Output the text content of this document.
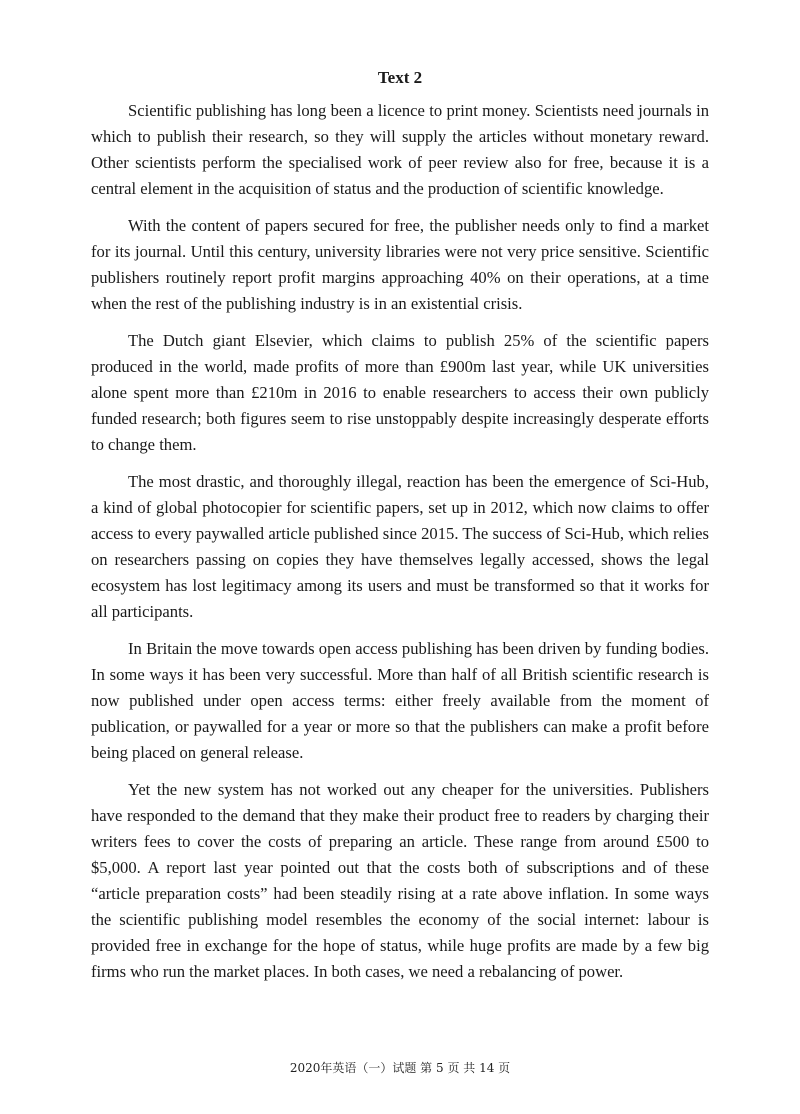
Text 2

Scientific publishing has long been a licence to print money. Scientists need journals in which to publish their research, so they will supply the articles without monetary reward. Other scientists perform the specialised work of peer review also for free, because it is a central element in the acquisition of status and the production of scientific knowledge.

With the content of papers secured for free, the publisher needs only to find a market for its journal. Until this century, university libraries were not very price sensitive. Scientific publishers routinely report profit margins approaching 40% on their operations, at a time when the rest of the publishing industry is in an existential crisis.

The Dutch giant Elsevier, which claims to publish 25% of the scientific papers produced in the world, made profits of more than £900m last year, while UK universities alone spent more than £210m in 2016 to enable researchers to access their own publicly funded research; both figures seem to rise unstoppably despite increasingly desperate efforts to change them.

The most drastic, and thoroughly illegal, reaction has been the emergence of Sci-Hub, a kind of global photocopier for scientific papers, set up in 2012, which now claims to offer access to every paywalled article published since 2015. The success of Sci-Hub, which relies on researchers passing on copies they have themselves legally accessed, shows the legal ecosystem has lost legitimacy among its users and must be transformed so that it works for all participants.

In Britain the move towards open access publishing has been driven by funding bodies. In some ways it has been very successful. More than half of all British scientific research is now published under open access terms: either freely available from the moment of publication, or paywalled for a year or more so that the publishers can make a profit before being placed on general release.

Yet the new system has not worked out any cheaper for the universities. Publishers have responded to the demand that they make their product free to readers by charging their writers fees to cover the costs of preparing an article. These range from around £500 to $5,000. A report last year pointed out that the costs both of subscriptions and of these “article preparation costs” had been steadily rising at a rate above inflation. In some ways the scientific publishing model resembles the economy of the social internet: labour is provided free in exchange for the hope of status, while huge profits are made by a few big firms who run the market places. In both cases, we need a rebalancing of power.

2020年英语（一）试题 第 5 页 共 14 页
